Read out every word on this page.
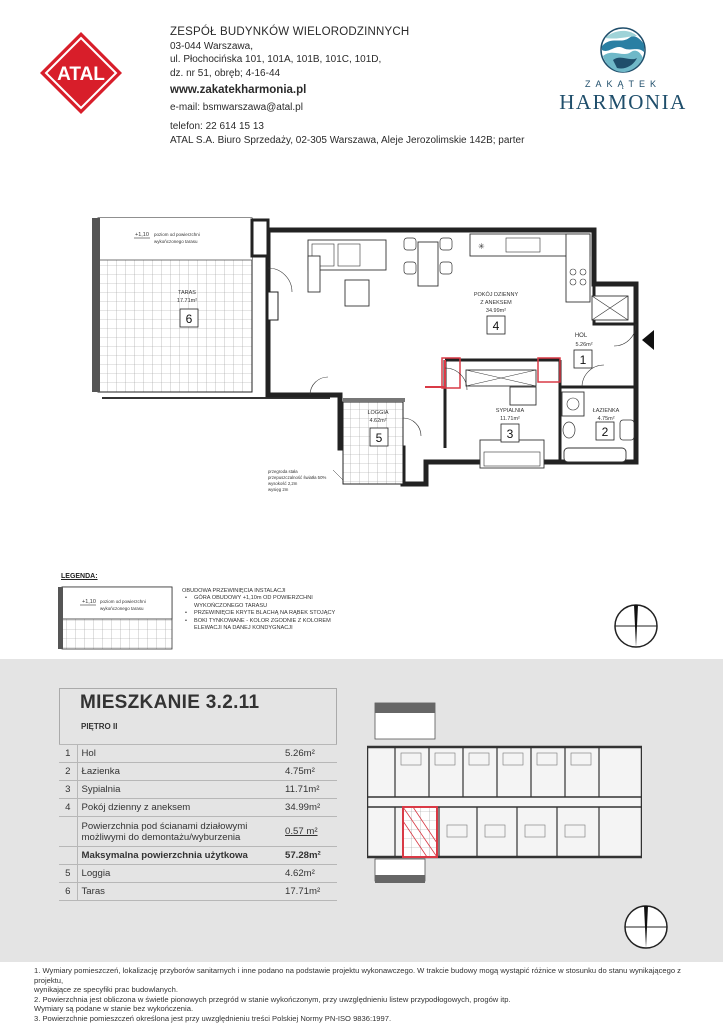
ATAL
ZESPÓŁ BUDYNKÓW WIELORODZINNYCH
03-044 Warszawa,
ul. Płochocińska 101, 101A, 101B, 101C, 101D,
dz. nr 51, obręb; 4-16-44
www.zakatekharmonia.pl
e-mail: bsmwarszawa@atal.pl
telefon: 22 614 15 13
ATAL S.A. Biuro Sprzedaży, 02-305 Warszawa, Aleje Jerozolimskie 142B; parter
ZAKĄTEK
HARMONIA
+1,10 poziom od powierzchni
wykończonego tarasu
TARAS
17.71m²
6
LOGGIA
4.62m²
5
przegroda stała
przepuszczalność światła 50%
wysokość 2,2m
wysięg 2m
✳
POKÓJ DZIENNY
Z ANEKSEM
34.99m²
4
HOL
5.26m²
1
SYPIALNIA
11.71m²
3
ŁAZIENKA
4.75m²
2
LEGENDA:
+1,10 poziom od powierzchni
wykończonego tarasu
OBUDOWA PRZEWINIĘCIA INSTALACJI
• GÓRA OBUDOWY +1,10m OD POWIERZCHNI WYKOŃCZONEGO TARASU
• PRZEWINIĘCIE KRYTE BLACHĄ NA RĄBEK STOJĄCY
• BOKI TYNKOWANE - KOLOR ZGODNIE Z KOLOREM ELEWACJI NA DANEJ KONDYGNACJI
MIESZKANIE 3.2.11
PIĘTRO II
1	Hol	5.26m²
2	Łazienka	4.75m²
3	Sypialnia	11.71m²
4	Pokój dzienny z aneksem	34.99m²

	Powierzchnia pod ścianami działowymi
możliwymi do demontażu/wyburzenia	0.57 m²
	Maksymalna powierzchnia użytkowa	57.28m²
5	Loggia	4.62m²
6	Taras	17.71m²
1. Wymiary pomieszczeń, lokalizację przyborów sanitarnych i inne podano na podstawie projektu wykonawczego. W trakcie budowy mogą wystąpić różnice w stosunku do stanu wynikającego z projektu,
wynikające ze specyfiki prac budowlanych.
2. Powierzchnia jest obliczona w świetle pionowych przegród w stanie wykończonym, przy uwzględnieniu listew przypodłogowych, progów itp.
Wymiary są podane w stanie bez wykończenia.
3. Powierzchnie pomieszczeń określona jest przy uwzględnieniu treści Polskiej Normy PN-ISO 9836:1997.
